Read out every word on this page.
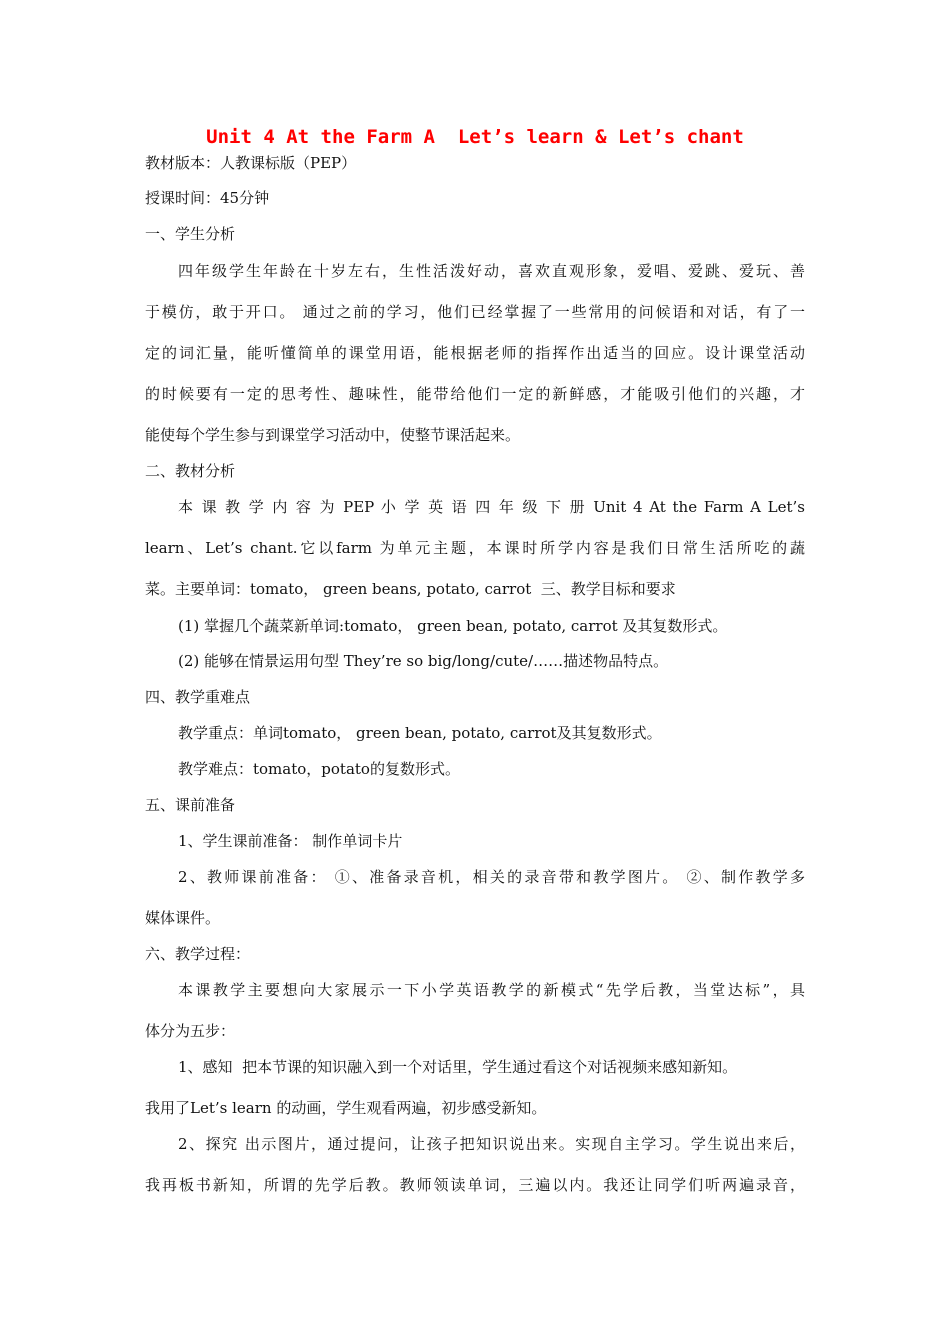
Unit 4 At the Farm A  Let’s learn & Let’s chant
教材版本：人教课标版（PEP）
授课时间：45分钟
一、学生分析
四年级学生年龄在十岁左右，生性活泼好动，喜欢直观形象，爱唱、爱跳、爱玩、善
于模仿，敢于开口。 通过之前的学习，他们已经掌握了一些常用的问候语和对话，有了一
定的词汇量，能听懂简单的课堂用语，能根据老师的指挥作出适当的回应。设计课堂活动
的时候要有一定的思考性、趣味性，能带给他们一定的新鲜感，才能吸引他们的兴趣，才
能使每个学生参与到课堂学习活动中，使整节课活起来。
二、教材分析
本 课 教 学 内 容 为 PEP 小 学 英 语 四 年 级 下 册 Unit 4 At the Farm A Let’s
learn、Let’s chant.它以farm 为单元主题，本课时所学内容是我们日常生活所吃的蔬
菜。主要单词：tomato， green beans, potato, carrot  三、教学目标和要求
(1) 掌握几个蔬菜新单词:tomato， green bean, potato, carrot 及其复数形式。
(2) 能够在情景运用句型 They’re so big/long/cute/……描述物品特点。
四、教学重难点
教学重点：单词tomato， green bean, potato, carrot及其复数形式。
教学难点：tomato，potato的复数形式。
五、课前准备
1、学生课前准备： 制作单词卡片
2、教师课前准备： ①、准备录音机，相关的录音带和教学图片。 ②、制作教学多
媒体课件。
六、教学过程：
本课教学主要想向大家展示一下小学英语教学的新模式“先学后教，当堂达标”，具
体分为五步：
1、感知  把本节课的知识融入到一个对话里，学生通过看这个对话视频来感知新知。
我用了Let’s learn 的动画，学生观看两遍，初步感受新知。
2、探究 出示图片，通过提问，让孩子把知识说出来。实现自主学习。学生说出来后，
我再板书新知，所谓的先学后教。教师领读单词，三遍以内。我还让同学们听两遍录音，
